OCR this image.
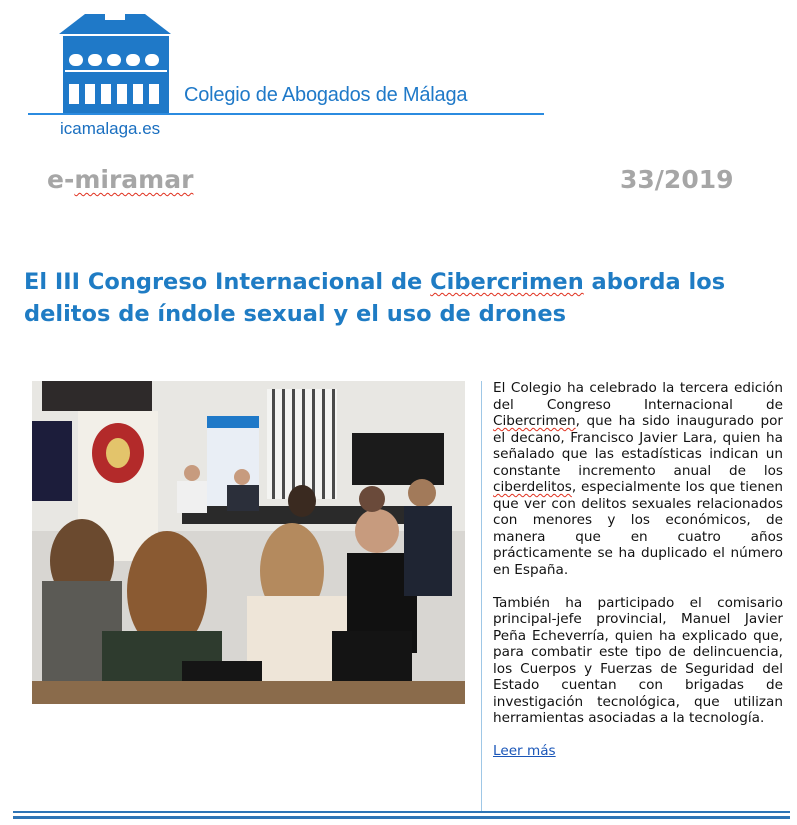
Colegio de Abogados de Málaga
icamalaga.es
e-miramar	33/2019
El III Congreso Internacional de Cibercrimen aborda los delitos de índole sexual y el uso de drones

El Colegio ha celebrado la tercera edición del Congreso Internacional de Cibercrimen, que ha sido inaugurado por el decano, Francisco Javier Lara, quien ha señalado que las estadísticas indican un constante incremento anual de los ciberdelitos, especialmente los que tienen que ver con delitos sexuales relacionados con menores y los económicos, de manera que en cuatro años prácticamente se ha duplicado el número en España.

También ha participado el comisario principal-jefe provincial, Manuel Javier Peña Echeverría, quien ha explicado que, para combatir este tipo de delincuencia, los Cuerpos y Fuerzas de Seguridad del Estado cuentan con brigadas de investigación tecnológica, que utilizan herramientas asociadas a la tecnología.

Leer más
